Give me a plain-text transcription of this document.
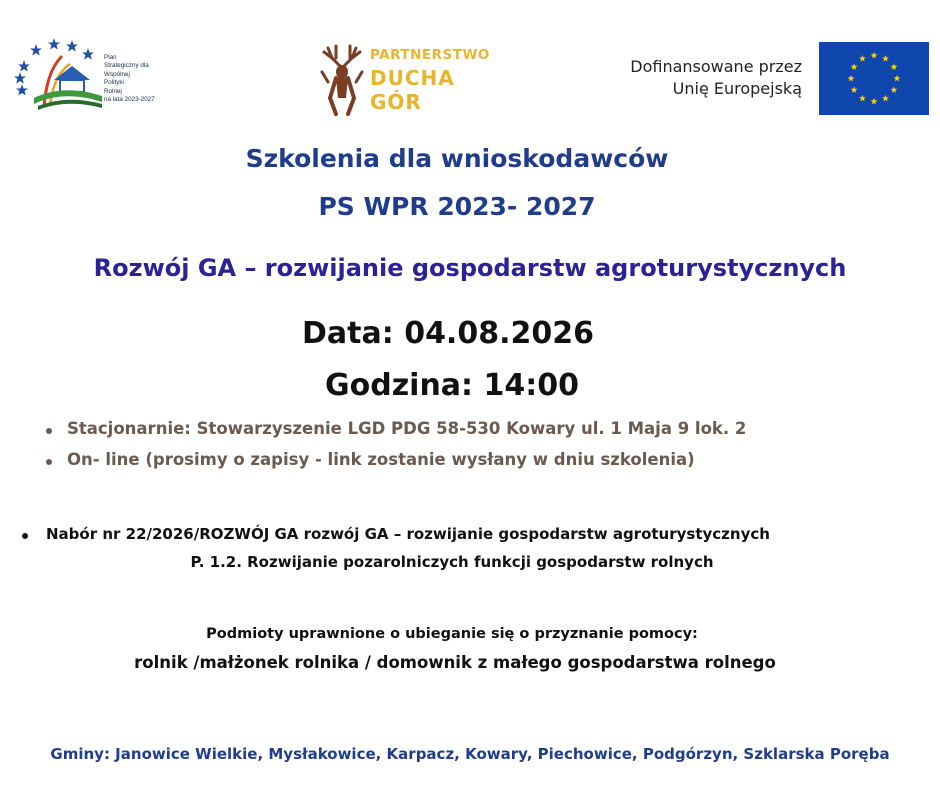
Plan
Strategiczny dla
Wspólnej
Polityki
Rolnej
na lata 2023-2027
PARTNERSTWO
DUCHA
GÓR
Dofinansowane przez
Unię Europejską
Szkolenia dla wnioskodawców
PS WPR 2023- 2027
Rozwój GA – rozwijanie gospodarstw agroturystycznych
Data: 04.08.2026
Godzina: 14:00
Stacjonarnie: Stowarzyszenie LGD PDG 58-530 Kowary ul. 1 Maja 9 lok. 2
On- line (prosimy o zapisy - link zostanie wysłany w dniu szkolenia)
Nabór nr 22/2026/ROZWÓJ GA rozwój GA – rozwijanie gospodarstw agroturystycznych
P. 1.2. Rozwijanie pozarolniczych funkcji gospodarstw rolnych
Podmioty uprawnione o ubieganie się o przyznanie pomocy:
rolnik /małżonek rolnika / domownik z małego gospodarstwa rolnego
Gminy: Janowice Wielkie, Mysłakowice, Karpacz, Kowary, Piechowice, Podgórzyn, Szklarska Poręba
